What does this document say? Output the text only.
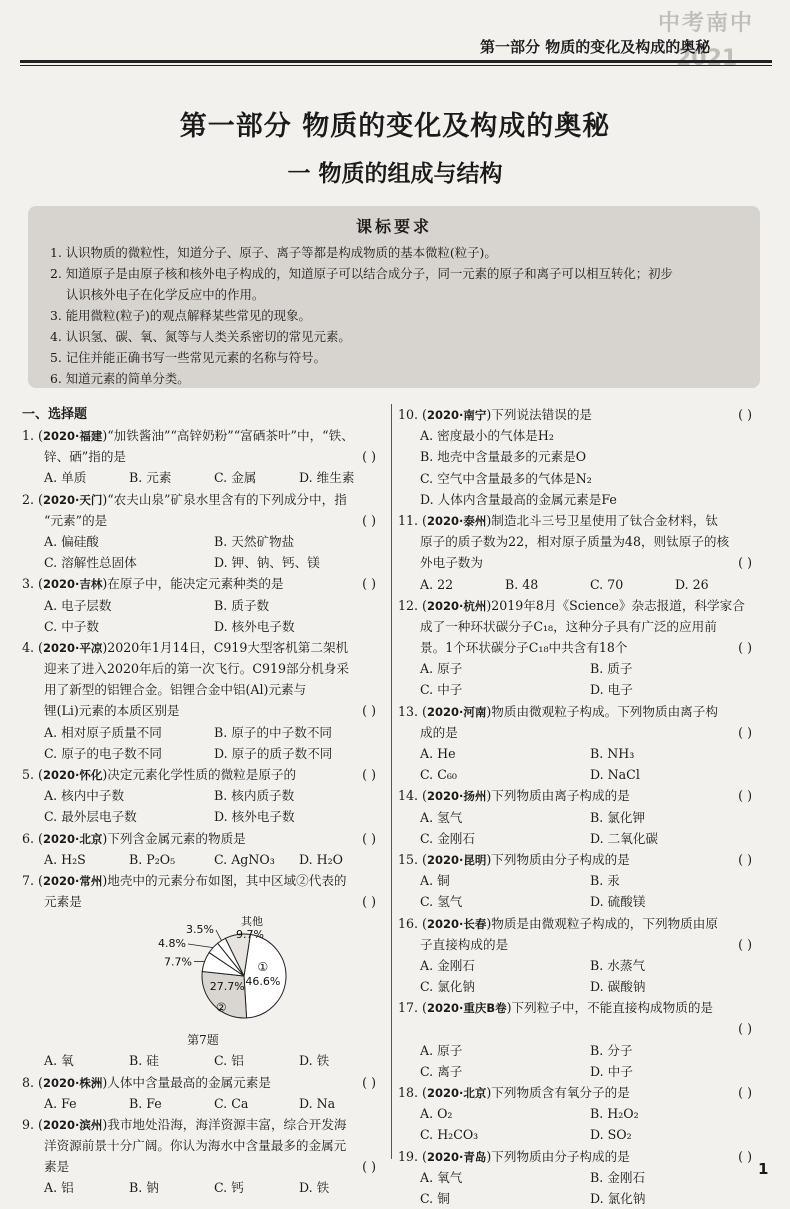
中考南中
2021
第一部分 物质的变化及构成的奥秘
第一部分 物质的变化及构成的奥秘
一 物质的组成与结构
课标要求
1. 认识物质的微粒性，知道分子、原子、离子等都是构成物质的基本微粒(粒子)。
2. 知道原子是由原子核和核外电子构成的，知道原子可以结合成分子，同一元素的原子和离子可以相互转化；初步
认识核外电子在化学反应中的作用。
3. 能用微粒(粒子)的观点解释某些常见的现象。
4. 认识氢、碳、氧、氮等与人类关系密切的常见元素。
5. 记住并能正确书写一些常见元素的名称与符号。
6. 知道元素的简单分类。
一、选择题
1. (2020·福建)“加铁酱油”“高锌奶粉”“富硒茶叶”中，“铁、
锌、硒”指的是	( )
A. 单质	B. 元素	C. 金属	D. 维生素
2. (2020·天门)“农夫山泉”矿泉水里含有的下列成分中，指
“元素”的是	( )
A. 偏硅酸	B. 天然矿物盐
C. 溶解性总固体	D. 钾、钠、钙、镁
3. (2020·吉林)在原子中，能决定元素种类的是	( )
A. 电子层数	B. 质子数
C. 中子数	D. 核外电子数
4. (2020·平凉)2020年1月14日，C919大型客机第二架机
迎来了进入2020年后的第一次飞行。C919部分机身采
用了新型的铝锂合金。铝锂合金中铝(Al)元素与
锂(Li)元素的本质区别是	( )
A. 相对原子质量不同	B. 原子的中子数不同
C. 原子的电子数不同	D. 原子的质子数不同
5. (2020·怀化)决定元素化学性质的微粒是原子的	( )
A. 核内中子数	B. 核内质子数
C. 最外层电子数	D. 核外电子数
6. (2020·北京)下列含金属元素的物质是	( )
A. H₂S	B. P₂O₅	C. AgNO₃	D. H₂O
7. (2020·常州)地壳中的元素分布如图，其中区域②代表的
元素是	( )
①
46.6%
27.7%
②
7.7%
4.8%
3.5%
其他
9.7%
第7题
A. 氧	B. 硅	C. 铝	D. 铁
8. (2020·株洲)人体中含量最高的金属元素是	( )
A. Fe	B. Fe	C. Ca	D. Na
9. (2020·滨州)我市地处沿海，海洋资源丰富，综合开发海
洋资源前景十分广阔。你认为海水中含量最多的金属元
素是	( )
A. 铝	B. 钠	C. 钙	D. 铁
10. (2020·南宁)下列说法错误的是	( )
A. 密度最小的气体是H₂
B. 地壳中含量最多的元素是O
C. 空气中含量最多的气体是N₂
D. 人体内含量最高的金属元素是Fe
11. (2020·泰州)制造北斗三号卫星使用了钛合金材料，钛
原子的质子数为22，相对原子质量为48，则钛原子的核
外电子数为	( )
A. 22	B. 48	C. 70	D. 26
12. (2020·杭州)2019年8月《Science》杂志报道，科学家合
成了一种环状碳分子C₁₈，这种分子具有广泛的应用前
景。1个环状碳分子C₁₈中共含有18个	( )
A. 原子	B. 质子
C. 中子	D. 电子
13. (2020·河南)物质由微观粒子构成。下列物质由离子构
成的是	( )
A. He	B. NH₃
C. C₆₀	D. NaCl
14. (2020·扬州)下列物质由离子构成的是	( )
A. 氢气	B. 氯化钾
C. 金刚石	D. 二氧化碳
15. (2020·昆明)下列物质由分子构成的是	( )
A. 铜	B. 汞
C. 氢气	D. 硫酸镁
16. (2020·长春)物质是由微观粒子构成的，下列物质由原
子直接构成的是	( )
A. 金刚石	B. 水蒸气
C. 氯化钠	D. 碳酸钠
17. (2020·重庆B卷)下列粒子中，不能直接构成物质的是
( )
A. 原子	B. 分子
C. 离子	D. 中子
18. (2020·北京)下列物质含有氧分子的是	( )
A. O₂	B. H₂O₂
C. H₂CO₃	D. SO₂
19. (2020·青岛)下列物质由分子构成的是	( )
A. 氧气	B. 金刚石
C. 铜	D. 氯化钠
1
